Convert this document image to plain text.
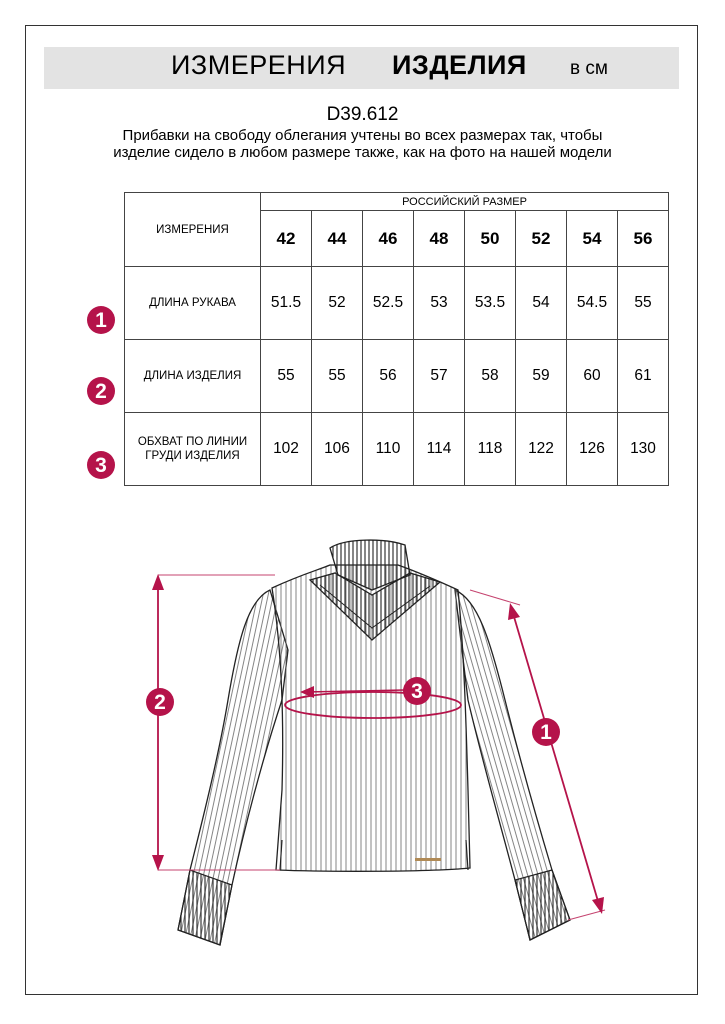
ИЗМЕРЕНИЯ ИЗДЕЛИЯ в см
D39.612
Прибавки на свободу облегания учтены во всех размерах так, чтобы изделие сидело в любом размере также, как на фото на нашей модели
ИЗМЕРЕНИЯ	РОССИЙСКИЙ РАЗМЕР							
	42	44	46	48	50	52	54	56
ДЛИНА РУКАВА	51.5	52	52.5	53	53.5	54	54.5	55
ДЛИНА ИЗДЕЛИЯ	55	55	56	57	58	59	60	61
ОБХВАТ ПО ЛИНИИ ГРУДИ ИЗДЕЛИЯ	102	106	110	114	118	122	126	130
1
2
3
2	3
1
